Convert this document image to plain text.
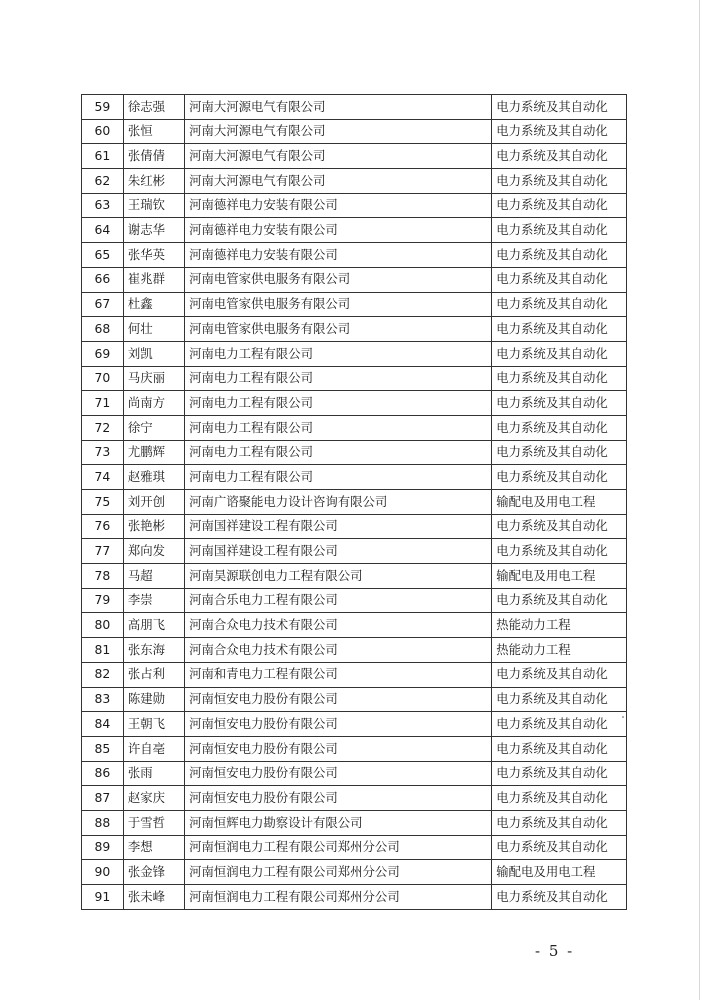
59	徐志强	河南大河源电气有限公司	电力系统及其自动化
60	张恒	河南大河源电气有限公司	电力系统及其自动化
61	张倩倩	河南大河源电气有限公司	电力系统及其自动化
62	朱红彬	河南大河源电气有限公司	电力系统及其自动化
63	王瑞钦	河南德祥电力安装有限公司	电力系统及其自动化
64	谢志华	河南德祥电力安装有限公司	电力系统及其自动化
65	张华英	河南德祥电力安装有限公司	电力系统及其自动化
66	崔兆群	河南电管家供电服务有限公司	电力系统及其自动化
67	杜鑫	河南电管家供电服务有限公司	电力系统及其自动化
68	何壮	河南电管家供电服务有限公司	电力系统及其自动化
69	刘凯	河南电力工程有限公司	电力系统及其自动化
70	马庆丽	河南电力工程有限公司	电力系统及其自动化
71	尚南方	河南电力工程有限公司	电力系统及其自动化
72	徐宁	河南电力工程有限公司	电力系统及其自动化
73	尤鹏辉	河南电力工程有限公司	电力系统及其自动化
74	赵雅琪	河南电力工程有限公司	电力系统及其自动化
75	刘开创	河南广谘聚能电力设计咨询有限公司	输配电及用电工程
76	张艳彬	河南国祥建设工程有限公司	电力系统及其自动化
77	郑向发	河南国祥建设工程有限公司	电力系统及其自动化
78	马超	河南昊源联创电力工程有限公司	输配电及用电工程
79	李崇	河南合乐电力工程有限公司	电力系统及其自动化
80	高朋飞	河南合众电力技术有限公司	热能动力工程
81	张东海	河南合众电力技术有限公司	热能动力工程
82	张占利	河南和青电力工程有限公司	电力系统及其自动化
83	陈建勋	河南恒安电力股份有限公司	电力系统及其自动化
84	王朝飞	河南恒安电力股份有限公司	电力系统及其自动化
85	许自亳	河南恒安电力股份有限公司	电力系统及其自动化
86	张雨	河南恒安电力股份有限公司	电力系统及其自动化
87	赵家庆	河南恒安电力股份有限公司	电力系统及其自动化
88	于雪哲	河南恒辉电力勘察设计有限公司	电力系统及其自动化
89	李想	河南恒润电力工程有限公司郑州分公司	电力系统及其自动化
90	张金锋	河南恒润电力工程有限公司郑州分公司	输配电及用电工程
91	张未峰	河南恒润电力工程有限公司郑州分公司	电力系统及其自动化
- 5 -
